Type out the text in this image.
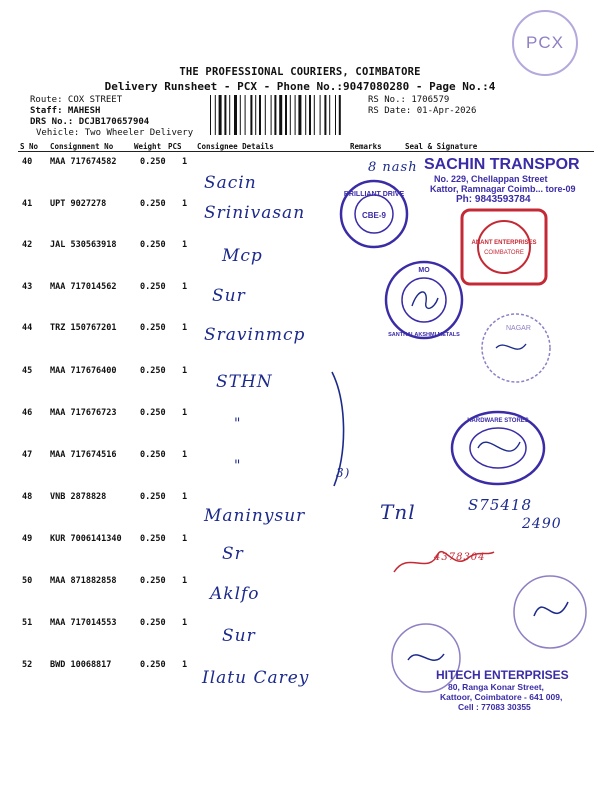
PCX
THE PROFESSIONAL COURIERS, COIMBATORE
Delivery Runsheet - PCX - Phone No.:9047080280 - Page No.:4
Route: COX STREET
Staff: MAHESH
DRS No.: DCJB170657904
Vehicle: Two Wheeler Delivery
RS No.: 1706579
RS Date: 01-Apr-2026
S No Consignment No	Weight PCS Consignee Details	Remarks	Seal & Signature
40 MAA 717674582	0.250 1
Sacin
41 UPT 9027278	0.250 1 Srinivasan
42 JAL 530563918	0.250 1
Mcp
43 MAA 717014562	0.250 1 Sur
44 TRZ 150767201	0.250 1 Sravinmcp
45 MAA 717676400	0.250 1
STHN
46 MAA 717676723	0.250 1
"
47 MAA 717674516	0.250 1
"
48 VNB 2878828	0.250 1
Maninysur
49 KUR 7006141340 0.250 1
Sr
50 MAA 871882858	0.250 1
Aklfo
51 MAA 717014553	0.250 1
Sur
52 BWD 10068817	0.250 1
Ilatu Carey
3)
Tnl	S75418
2490
4378304
8 nash SACHIN TRANSPOR
No. 229, Chellappan Street
Kattor, Ramnagar Coimb... tore-09
Ph: 9843593784
BRILLIANT DRIVE
CBE-9
ANANT ENTERPRISES
COIMBATORE
MO
SANTHALAKSHMI METALS
NAGAR
HARDWARE STORES
HITECH ENTERPRISES
80, Ranga Konar Street,
Kattoor, Coimbatore - 641 009,
Cell : 77083 30355
